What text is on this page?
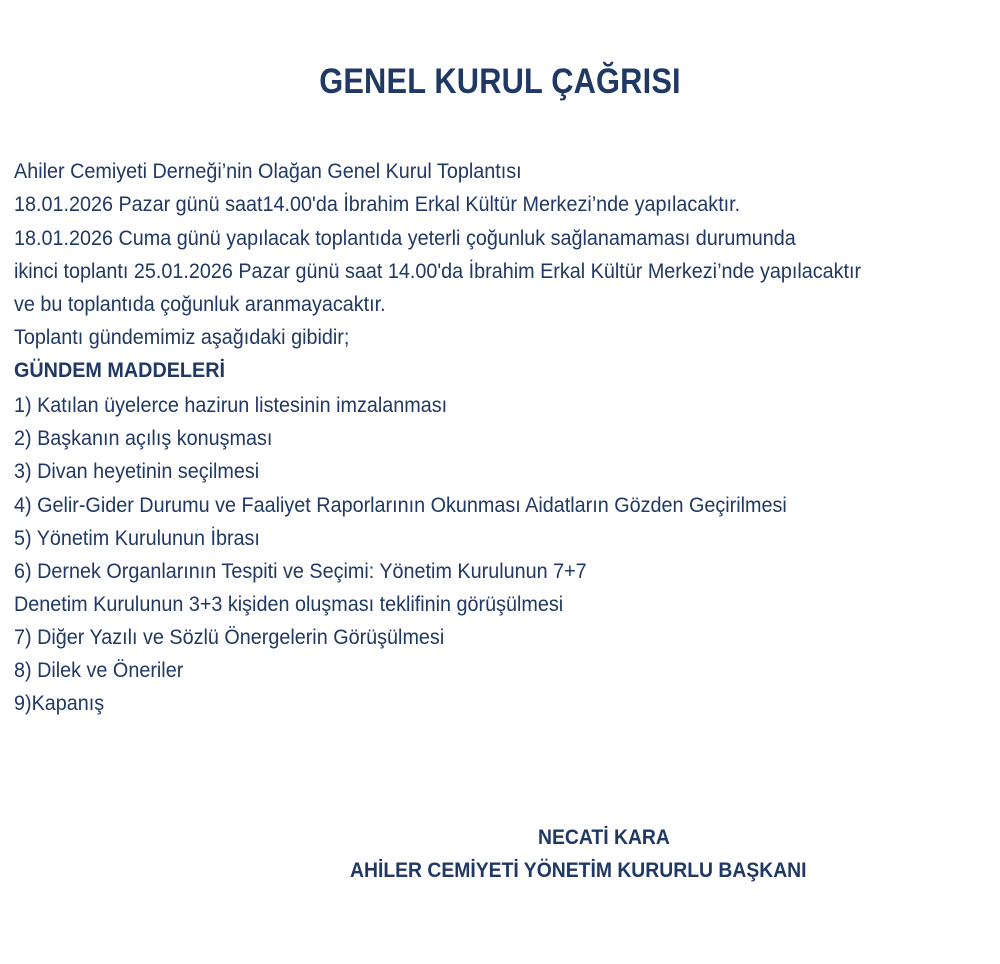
GENEL KURUL ÇAĞRISI

Ahiler Cemiyeti Derneği’nin Olağan Genel Kurul Toplantısı

18.01.2026 Pazar günü saat14.00'da İbrahim Erkal Kültür Merkezi’nde yapılacaktır.

18.01.2026 Cuma günü yapılacak toplantıda yeterli çoğunluk sağlanamaması durumunda

ikinci toplantı 25.01.2026 Pazar günü saat 14.00'da İbrahim Erkal Kültür Merkezi’nde yapılacaktır

ve bu toplantıda çoğunluk aranmayacaktır.

Toplantı gündemimiz aşağıdaki gibidir;

GÜNDEM MADDELERİ

1) Katılan üyelerce hazirun listesinin imzalanması

2) Başkanın açılış konuşması

3) Divan heyetinin seçilmesi

4) Gelir-Gider Durumu ve Faaliyet Raporlarının Okunması Aidatların Gözden Geçirilmesi

5) Yönetim Kurulunun İbrası

6) Dernek Organlarının Tespiti ve Seçimi: Yönetim Kurulunun 7+7

Denetim Kurulunun 3+3 kişiden oluşması teklifinin görüşülmesi

7) Diğer Yazılı ve Sözlü Önergelerin Görüşülmesi

8) Dilek ve Öneriler

9)Kapanış

NECATİ KARA

AHİLER CEMİYETİ YÖNETİM KURURLU BAŞKANI
